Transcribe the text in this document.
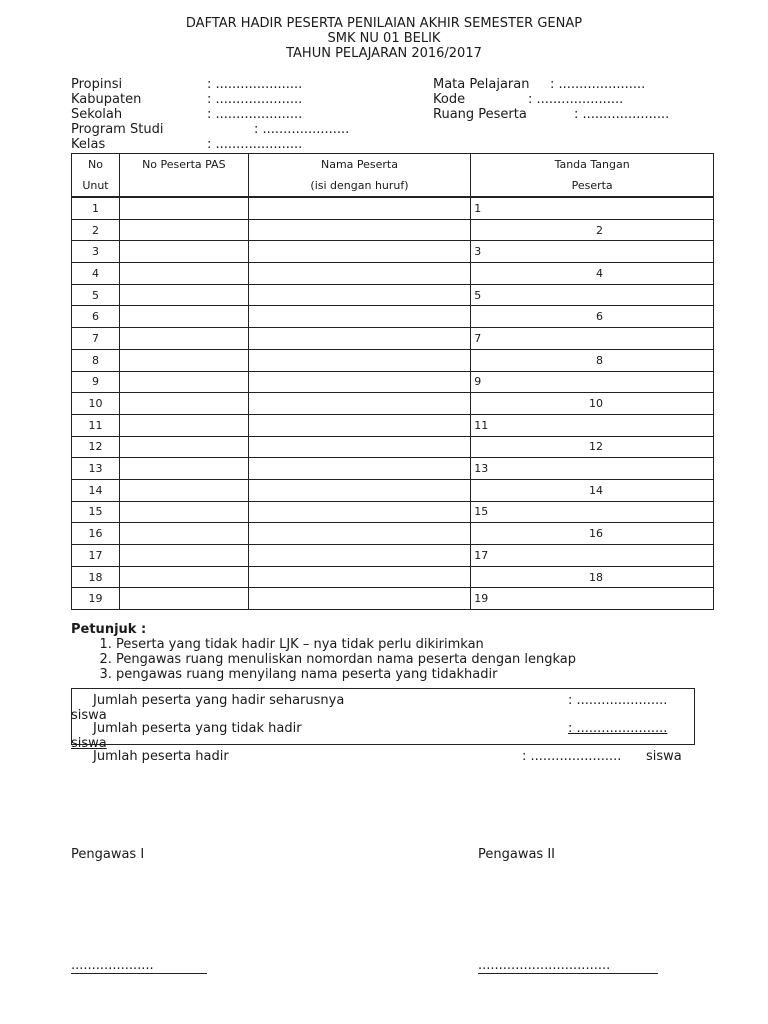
DAFTAR HADIR PESERTA PENILAIAN AKHIR SEMESTER GENAP
SMK NU 01 BELIK
TAHUN PELAJARAN 2016/2017
Propinsi	: .....................
Kabupaten	: .....................
Sekolah	: .....................
Program Studi	: .....................
Kelas	: .....................
Mata Pelajaran : .....................
Kode	: .....................
Ruang Peserta	: .....................
No	No Peserta PAS	Nama Peserta	Tanda Tangan
Unut		(isi dengan huruf)	Peserta
1			1
2			2
3			3
4			4
5			5
6			6
7			7
8			8
9			9
10			10
11			11
12			12
13			13
14			14
15			15
16			16
17			17
18			18
19			19
Petunjuk :
1. Peserta yang tidak hadir LJK – nya tidak perlu dikirimkan
2. Pengawas ruang menuliskan nomordan nama peserta dengan lengkap
3. pengawas ruang menyilang nama peserta yang tidakhadir
Jumlah peserta yang hadir seharusnya	: ......................
siswa
Jumlah peserta yang tidak hadir	: ......................
siswa
Jumlah peserta hadir	: ...................... siswa
Pengawas I	Pengawas II
....................	................................
